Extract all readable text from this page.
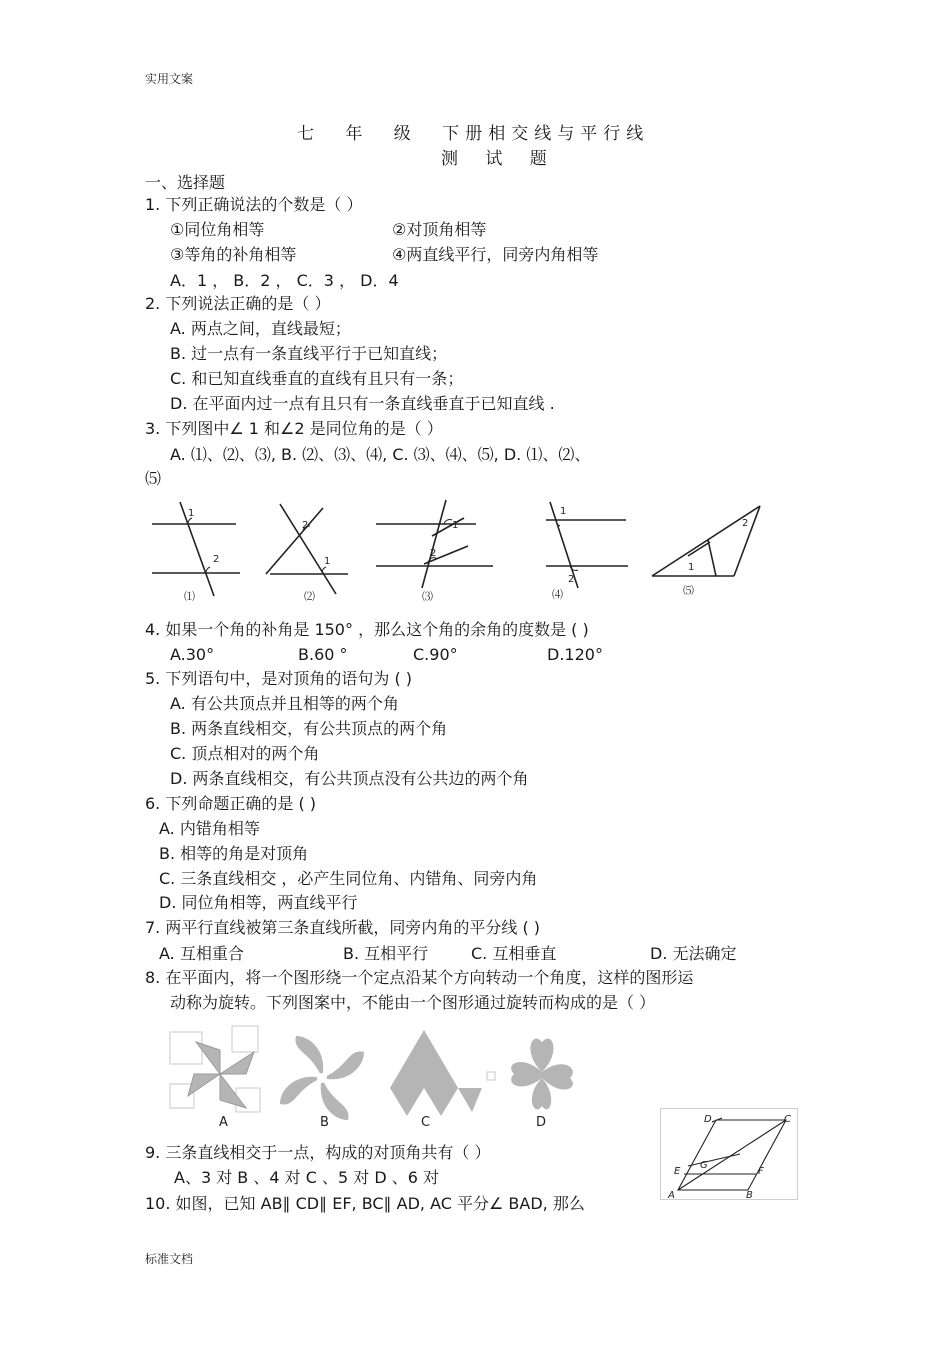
实用文案
七 年 级 下册相交线与平行线
测 试 题
一、选择题
1. 下列正确说法的个数是（ ）
①同位角相等	②对顶角相等
③等角的补角相等	④两直线平行，同旁内角相等
A．1 ， B．2 ， C．3 ， D．4
2. 下列说法正确的是（ ）
A. 两点之间，直线最短；
B. 过一点有一条直线平行于已知直线；
C. 和已知直线垂直的直线有且只有一条；
D. 在平面内过一点有且只有一条直线垂直于已知直线 .
3. 下列图中∠ 1 和∠2 是同位角的是（ ）
A. ⑴、⑵、⑶, B. ⑵、⑶、⑷, C. ⑶、⑷、⑸, D. ⑴、⑵、
⑸
1
2
2
1
1
2
1
2
1
2
⑴	⑵	⑶	⑷	⑸
4. 如果一个角的补角是 150° ，那么这个角的余角的度数是 ( )
A.30°	B.60 °	C.90°	D.120°
5. 下列语句中，是对顶角的语句为 ( )
A. 有公共顶点并且相等的两个角
B. 两条直线相交，有公共顶点的两个角
C. 顶点相对的两个角
D. 两条直线相交，有公共顶点没有公共边的两个角
6. 下列命题正确的是 ( )
A. 内错角相等
B. 相等的角是对顶角
C. 三条直线相交 ，必产生同位角、内错角、同旁内角
D. 同位角相等，两直线平行
7. 两平行直线被第三条直线所截，同旁内角的平分线 ( )
A. 互相重合	B. 互相平行	C. 互相垂直	D. 无法确定
8. 在平面内，将一个图形绕一个定点沿某个方向转动一个角度，这样的图形运
动称为旋转。下列图案中，不能由一个图形通过旋转而构成的是（ ）
A	B	C	D
A	B
C
D
E	F
G
9. 三条直线相交于一点，构成的对顶角共有（ ）
A、3 对 B 、4 对 C 、5 对 D 、6 对
10. 如图，已知 AB∥ CD∥ EF, BC∥ AD, AC 平分∠ BAD, 那么
标准文档
